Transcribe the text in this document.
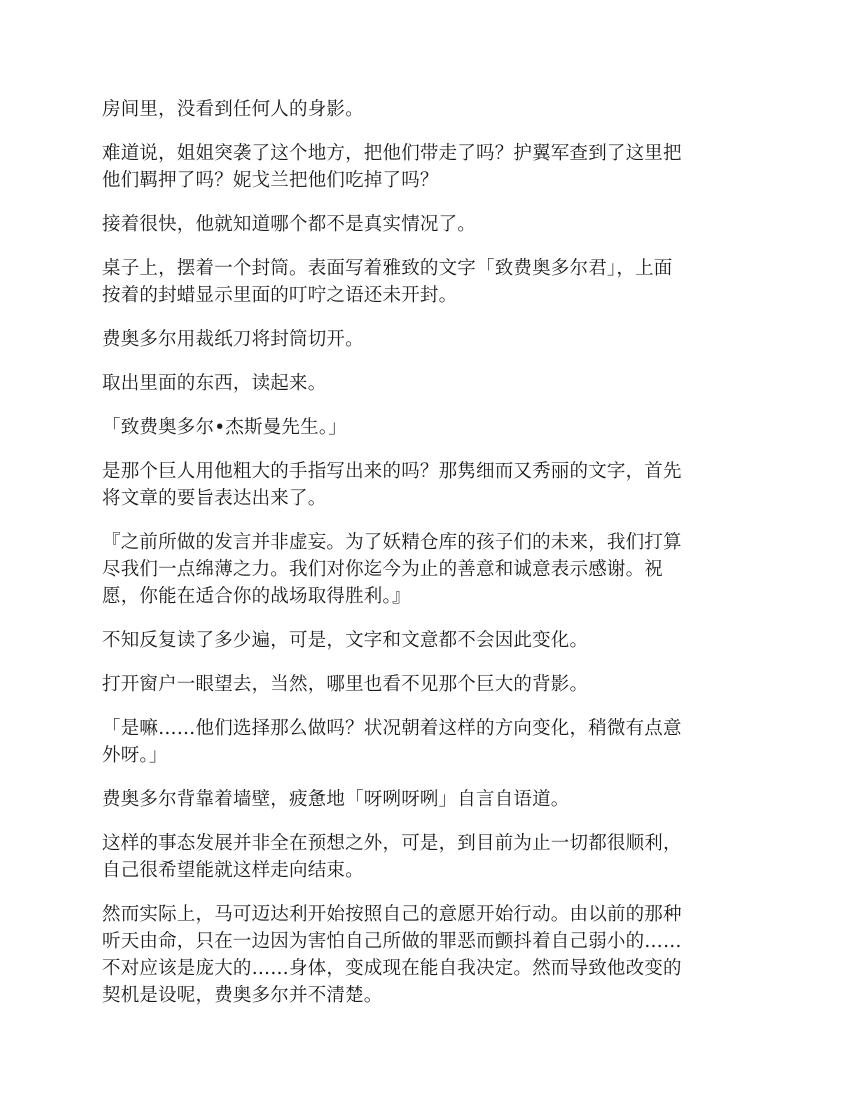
房间里，没看到任何人的身影。

难道说，姐姐突袭了这个地方，把他们带走了吗？护翼军查到了这里把
他们羁押了吗？妮戈兰把他们吃掉了吗？

接着很快，他就知道哪个都不是真实情况了。

桌子上，摆着一个封筒。表面写着雅致的文字「致费奥多尔君」，上面
按着的封蜡显示里面的叮咛之语还未开封。

费奥多尔用裁纸刀将封筒切开。

取出里面的东西，读起来。

「致费奥多尔•杰斯曼先生。」

是那个巨人用他粗大的手指写出来的吗？那隽细而又秀丽的文字，首先
将文章的要旨表达出来了。

『之前所做的发言并非虚妄。为了妖精仓库的孩子们的未来，我们打算
尽我们一点绵薄之力。我们对你迄今为止的善意和诚意表示感谢。祝
愿，你能在适合你的战场取得胜利。』

不知反复读了多少遍，可是，文字和文意都不会因此变化。

打开窗户一眼望去，当然，哪里也看不见那个巨大的背影。

「是嘛……他们选择那么做吗？状况朝着这样的方向变化，稍微有点意
外呀。」

费奥多尔背靠着墙壁，疲惫地「呀咧呀咧」自言自语道。

这样的事态发展并非全在预想之外，可是，到目前为止一切都很顺利，
自己很希望能就这样走向结束。

然而实际上，马可迈达利开始按照自己的意愿开始行动。由以前的那种
听天由命，只在一边因为害怕自己所做的罪恶而颤抖着自己弱小的……
不对应该是庞大的……身体，变成现在能自我决定。然而导致他改变的
契机是设呢，费奥多尔并不清楚。
